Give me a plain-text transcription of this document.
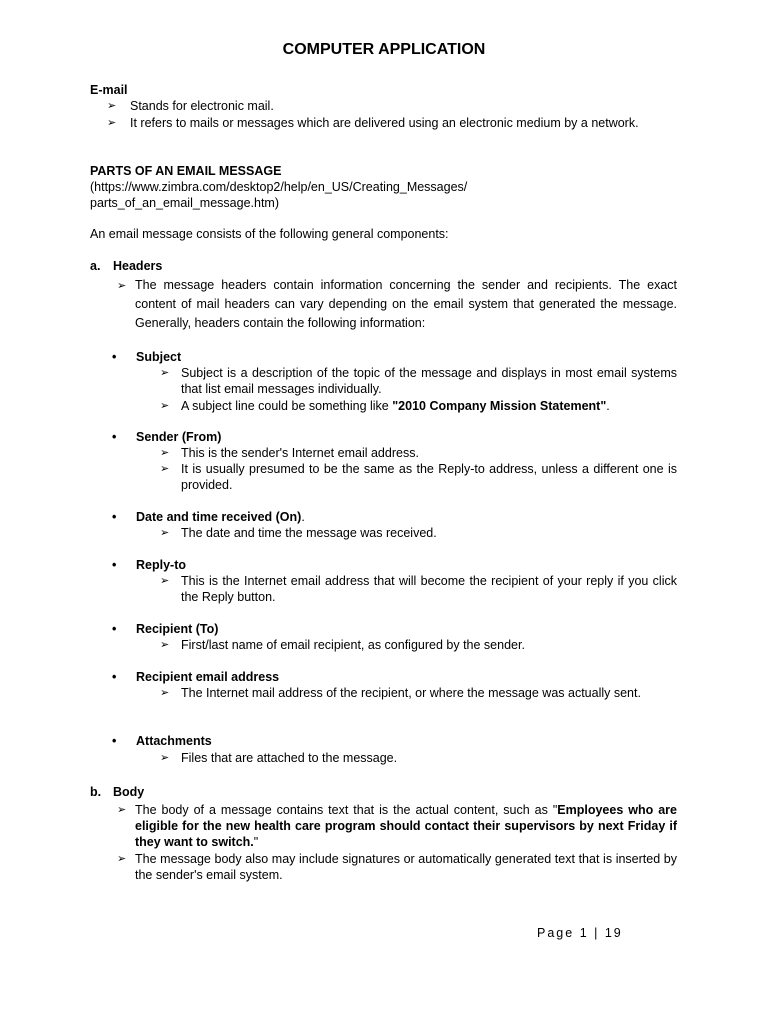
COMPUTER APPLICATION
E-mail
➢ Stands for electronic mail.
➢ It refers to mails or messages which are delivered using an electronic medium by a network.
PARTS OF AN EMAIL MESSAGE
(https://www.zimbra.com/desktop2/help/en_US/Creating_Messages/
parts_of_an_email_message.htm)
An email message consists of the following general components:
a. Headers
➢ The message headers contain information concerning the sender and recipients. The exact content of mail headers can vary depending on the email system that generated the message. Generally, headers contain the following information:
• Subject
➢ Subject is a description of the topic of the message and displays in most email systems that list email messages individually.
➢ A subject line could be something like "2010 Company Mission Statement".
• Sender (From)
➢ This is the sender's Internet email address.
➢ It is usually presumed to be the same as the Reply-to address, unless a different one is provided.
• Date and time received (On).
➢ The date and time the message was received.
• Reply-to
➢ This is the Internet email address that will become the recipient of your reply if you click the Reply button.
• Recipient (To)
➢ First/last name of email recipient, as configured by the sender.
• Recipient email address
➢ The Internet mail address of the recipient, or where the message was actually sent.
• Attachments
➢ Files that are attached to the message.
b. Body
➢ The body of a message contains text that is the actual content, such as "Employees who are eligible for the new health care program should contact their supervisors by next Friday if they want to switch."
➢ The message body also may include signatures or automatically generated text that is inserted by the sender's email system.
Page 1 | 19
